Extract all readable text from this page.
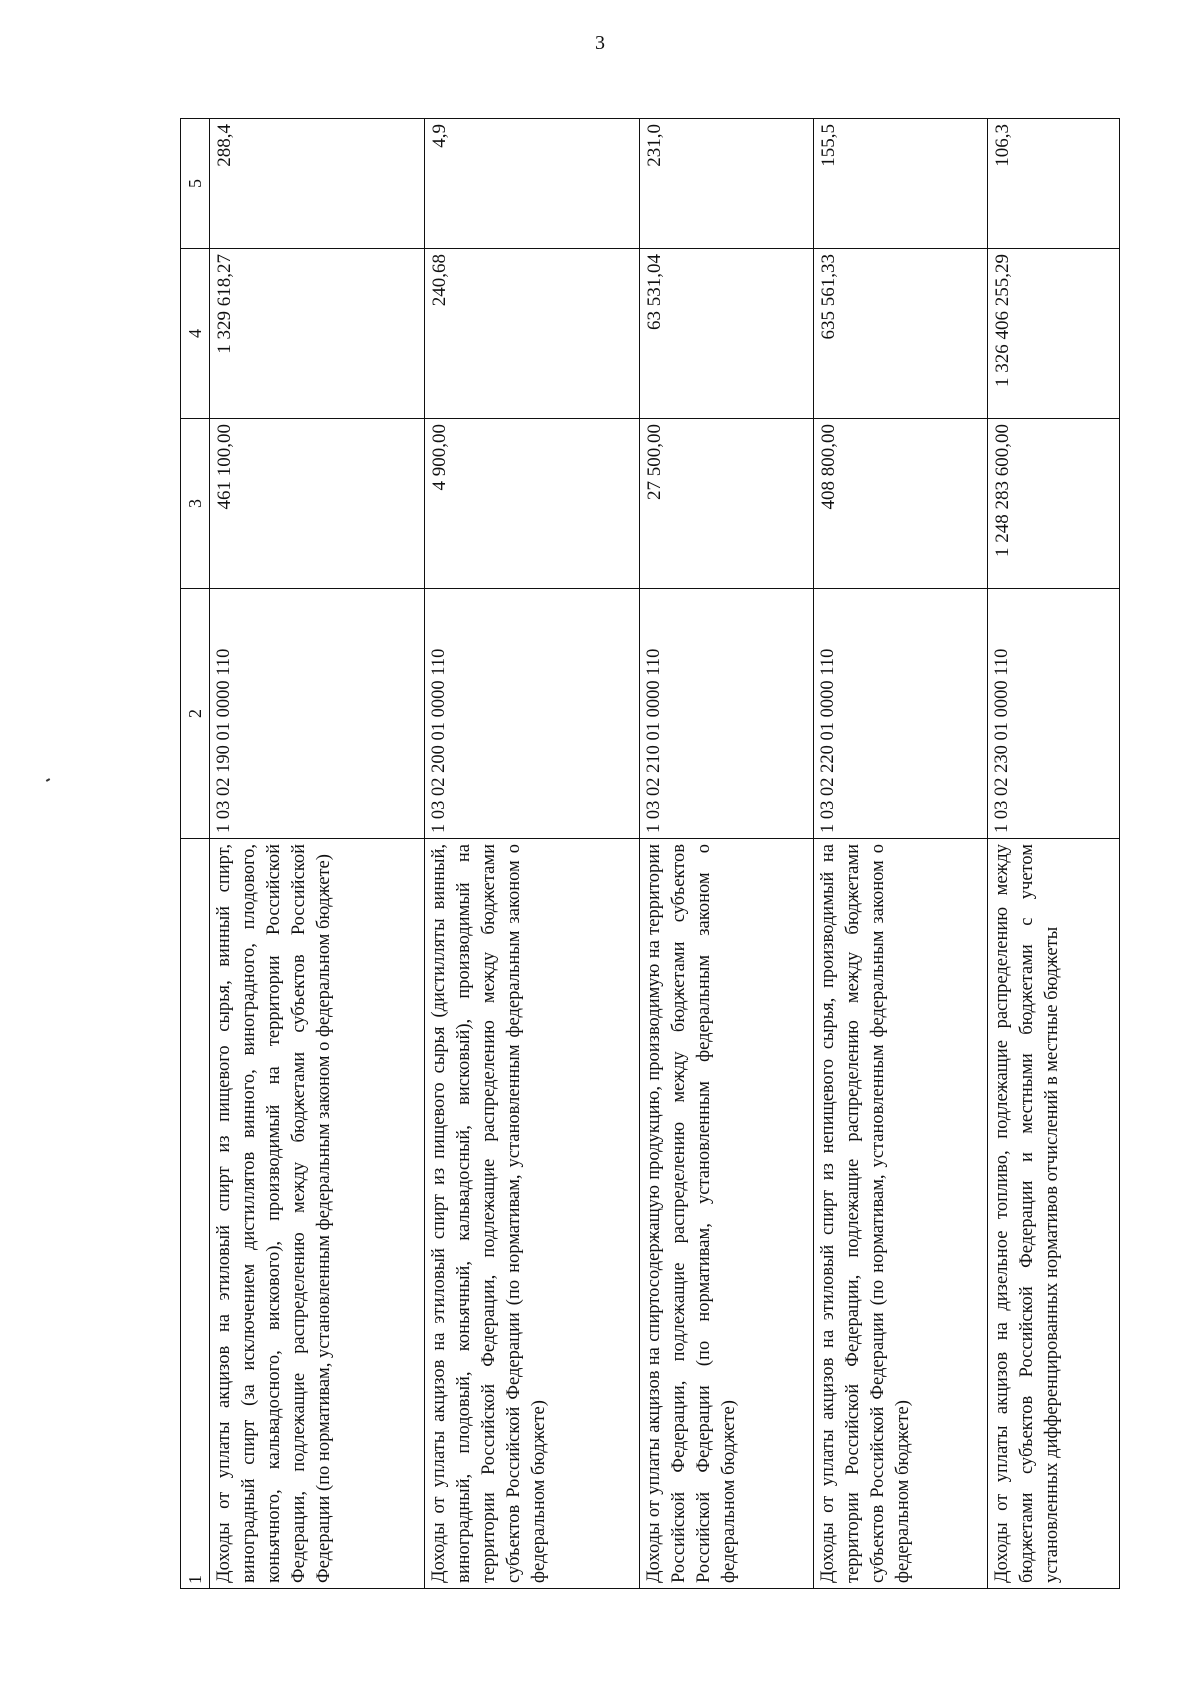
3
1	2	3	4	5
Доходы от уплаты акцизов на этиловый спирт из пищевого сырья, винный спирт, виноградный спирт (за исключением дистиллятов винного, виноградного, плодового, коньячного, кальвадосного, вискового), производимый на территории Российской Федерации, подлежащие распределению между бюджетами субъектов Российской Федерации (по нормативам, установленным федеральным законом о федеральном бюджете)	1 03 02 190 01 0000 110	461 100,00	1 329 618,27	288,4
Доходы от уплаты акцизов на этиловый спирт из пищевого сырья (дистилляты винный, виноградный, плодовый, коньячный, кальвадосный, висковый), производимый на территории Российской Федерации, подлежащие распределению между бюджетами субъектов Российской Федерации (по нормативам, установленным федеральным законом о федеральном бюджете)	1 03 02 200 01 0000 110	4 900,00	240,68	4,9
Доходы от уплаты акцизов на спиртосодержащую продукцию, производимую на территории Российской Федерации, подлежащие распределению между бюджетами субъектов Российской Федерации (по нормативам, установленным федеральным законом о федеральном бюджете)	1 03 02 210 01 0000 110	27 500,00	63 531,04	231,0
Доходы от уплаты акцизов на этиловый спирт из непищевого сырья, производимый на территории Российской Федерации, подлежащие распределению между бюджетами субъектов Российской Федерации (по нормативам, установленным федеральным законом о федеральном бюджете)	1 03 02 220 01 0000 110	408 800,00	635 561,33	155,5
Доходы от уплаты акцизов на дизельное топливо, подлежащие распределению между бюджетами субъектов Российской Федерации и местными бюджетами с учетом установленных дифференцированных нормативов отчислений в местные бюджеты	1 03 02 230 01 0000 110	1 248 283 600,00	1 326 406 255,29	106,3
